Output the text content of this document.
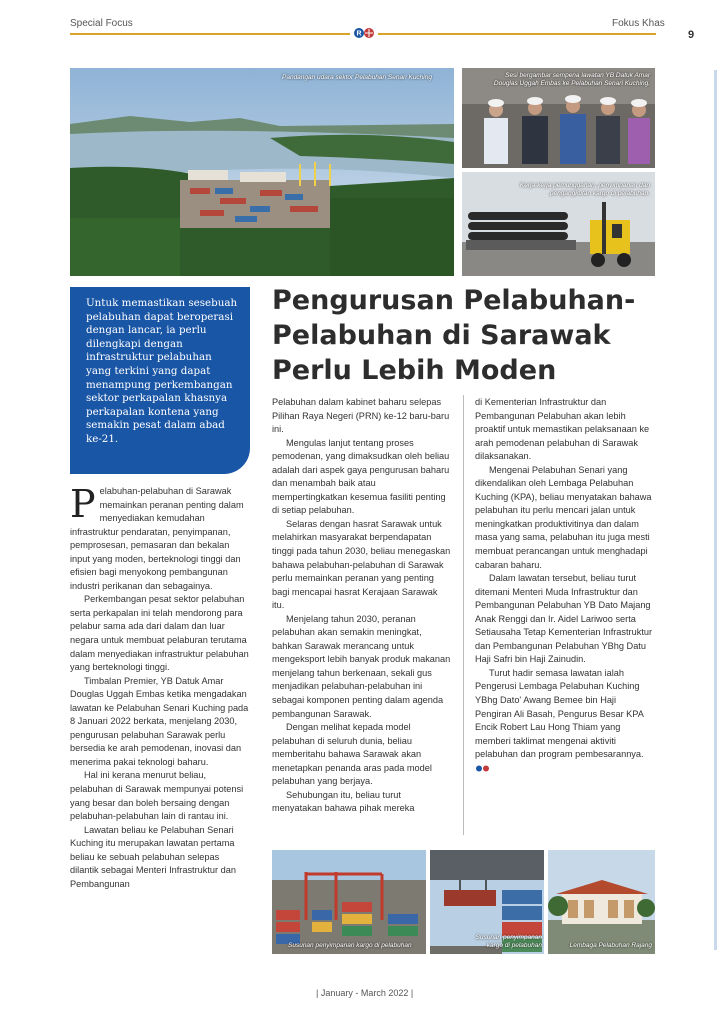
Special Focus	Fokus Khas
9
R
Pandangan udara sektor Pelabuhan Senari Kuching	Sesi bergambar sempena lawatan YB Datuk Amar Douglas Uggah Embas ke Pelabuhan Senari Kuching.
Kerja-kerja pemunggahan, penyimpanan dan pengangkutan kargo di pelabuhan.
Untuk memastikan sesebuah pelabuhan dapat beroperasi dengan lancar, ia perlu dilengkapi dengan infrastruktur pelabuhan yang terkini yang dapat menampung perkembangan sektor perkapalan khasnya perkapalan kontena yang semakin pesat dalam abad ke-21.
Pengurusan Pelabuhan-Pelabuhan di Sarawak Perlu Lebih Moden
P elabuhan-pelabuhan di Sarawak memainkan peranan penting dalam menyediakan kemudahan infrastruktur pendaratan, penyimpanan, pemprosesan, pemasaran dan bekalan input yang moden, berteknologi tinggi dan efisien bagi menyokong pembangunan industri perikanan dan sebagainya.

Perkembangan pesat sektor pelabuhan serta perkapalan ini telah mendorong para pelabur sama ada dari dalam dan luar negara untuk membuat pelaburan terutama dalam menyediakan infrastruktur pelabuhan yang berteknologi tinggi.

Timbalan Premier, YB Datuk Amar Douglas Uggah Embas ketika mengadakan lawatan ke Pelabuhan Senari Kuching pada 8 Januari 2022 berkata, menjelang 2030, pengurusan pelabuhan Sarawak perlu bersedia ke arah pemodenan, inovasi dan menerima pakai teknologi baharu.

Hal ini kerana menurut beliau, pelabuhan di Sarawak mempunyai potensi yang besar dan boleh bersaing dengan pelabuhan-pelabuhan lain di rantau ini.

Lawatan beliau ke Pelabuhan Senari Kuching itu merupakan lawatan pertama beliau ke sebuah pelabuhan selepas dilantik sebagai Menteri Infrastruktur dan Pembangunan

Pelabuhan dalam kabinet baharu selepas Pilihan Raya Negeri (PRN) ke-12 baru-baru ini.

Mengulas lanjut tentang proses pemodenan, yang dimaksudkan oleh beliau adalah dari aspek gaya pengurusan baharu dan menambah baik atau mempertingkatkan kesemua fasiliti penting di setiap pelabuhan.

Selaras dengan hasrat Sarawak untuk melahirkan masyarakat berpendapatan tinggi pada tahun 2030, beliau menegaskan bahawa pelabuhan-pelabuhan di Sarawak perlu memainkan peranan yang penting bagi mencapai hasrat Kerajaan Sarawak itu.

Menjelang tahun 2030, peranan pelabuhan akan semakin meningkat, bahkan Sarawak merancang untuk mengeksport lebih banyak produk makanan menjelang tahun berkenaan, sekali gus menjadikan pelabuhan-pelabuhan ini sebagai komponen penting dalam agenda pembangunan Sarawak.

Dengan melihat kepada model pelabuhan di seluruh dunia, beliau memberitahu bahawa Sarawak akan menetapkan penanda aras pada model pelabuhan yang berjaya.

Sehubungan itu, beliau turut menyatakan bahawa pihak mereka

di Kementerian Infrastruktur dan Pembangunan Pelabuhan akan lebih proaktif untuk memastikan pelaksanaan ke arah pemodenan pelabuhan di Sarawak dilaksanakan.

Mengenai Pelabuhan Senari yang dikendalikan oleh Lembaga Pelabuhan Kuching (KPA), beliau menyatakan bahawa pelabuhan itu perlu mencari jalan untuk meningkatkan produktivitinya dan dalam masa yang sama, pelabuhan itu juga mesti membuat perancangan untuk menghadapi cabaran baharu.

Dalam lawatan tersebut, beliau turut ditemani Menteri Muda Infrastruktur dan Pembangunan Pelabuhan YB Dato Majang Anak Renggi dan Ir. Aidel Lariwoo serta Setiausaha Tetap Kementerian Infrastruktur dan Pembangunan Pelabuhan YBhg Datu Haji Safri bin Haji Zainudin.

Turut hadir semasa lawatan ialah Pengerusi Lembaga Pelabuhan Kuching YBhg Dato' Awang Bemee bin Haji Pengiran Ali Basah, Pengurus Besar KPA Encik Robert Lau Hong Thiam yang memberi taklimat mengenai aktiviti pelabuhan dan program pembesarannya.

Susunan penyimpanan kargo di pelabuhan
Susunan penyimpanan kargo di pelabuhan	Lembaga Pelabuhan Rajang
| January - March 2022 |
